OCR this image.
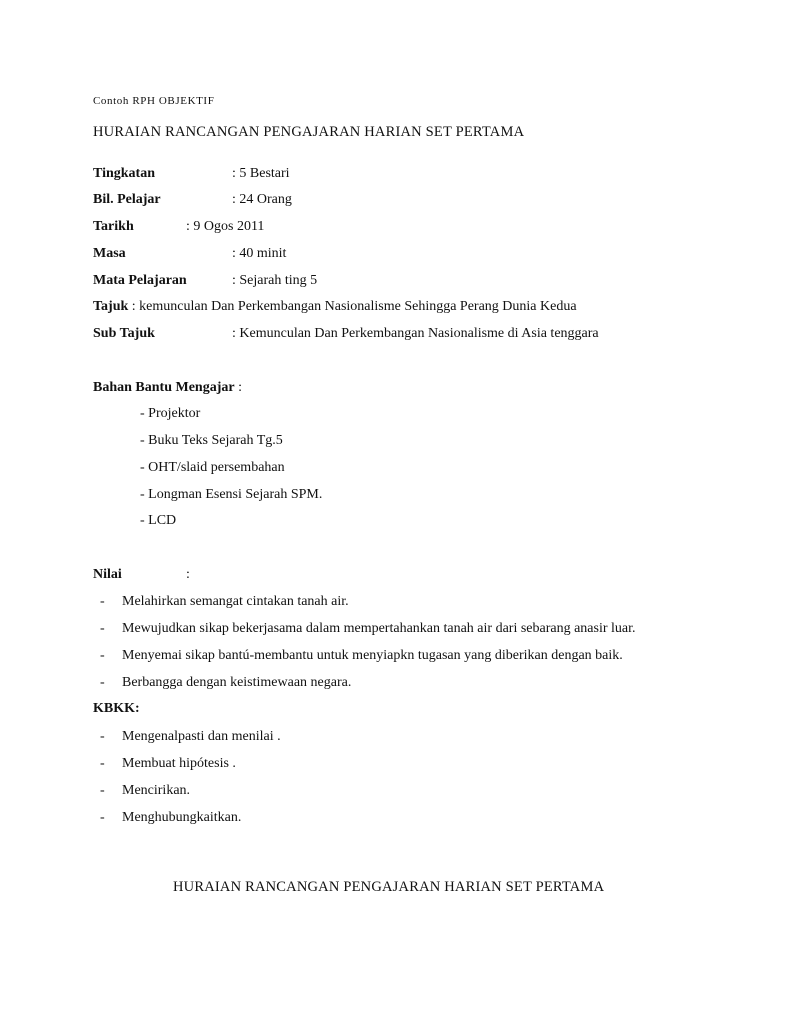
Contoh RPH OBJEKTIF
HURAIAN RANCANGAN PENGAJARAN HARIAN SET PERTAMA
Tingkatan	: 5 Bestari
Bil. Pelajar	: 24 Orang
Tarikh	: 9 Ogos 2011
Masa	: 40 minit
Mata Pelajaran	: Sejarah ting 5
Tajuk : kemunculan Dan Perkembangan Nasionalisme Sehingga Perang Dunia Kedua
Sub Tajuk	: Kemunculan Dan Perkembangan Nasionalisme di Asia tenggara
Bahan Bantu Mengajar :
- Projektor
- Buku Teks Sejarah Tg.5
- OHT/slaid persembahan
- Longman Esensi Sejarah SPM.
- LCD
Nilai	:
- Melahirkan semangat cintakan tanah air.
- Mewujudkan sikap bekerjasama dalam mempertahankan tanah air dari sebarang anasir luar.
- Menyemai sikap bantú-membantu untuk menyiapkn tugasan yang diberikan dengan baik.
- Berbangga dengan keistimewaan negara.
KBKK:
- Mengenalpasti dan menilai .
- Membuat hipótesis .
- Mencirikan.
- Menghubungkaitkan.
HURAIAN RANCANGAN PENGAJARAN HARIAN SET PERTAMA
